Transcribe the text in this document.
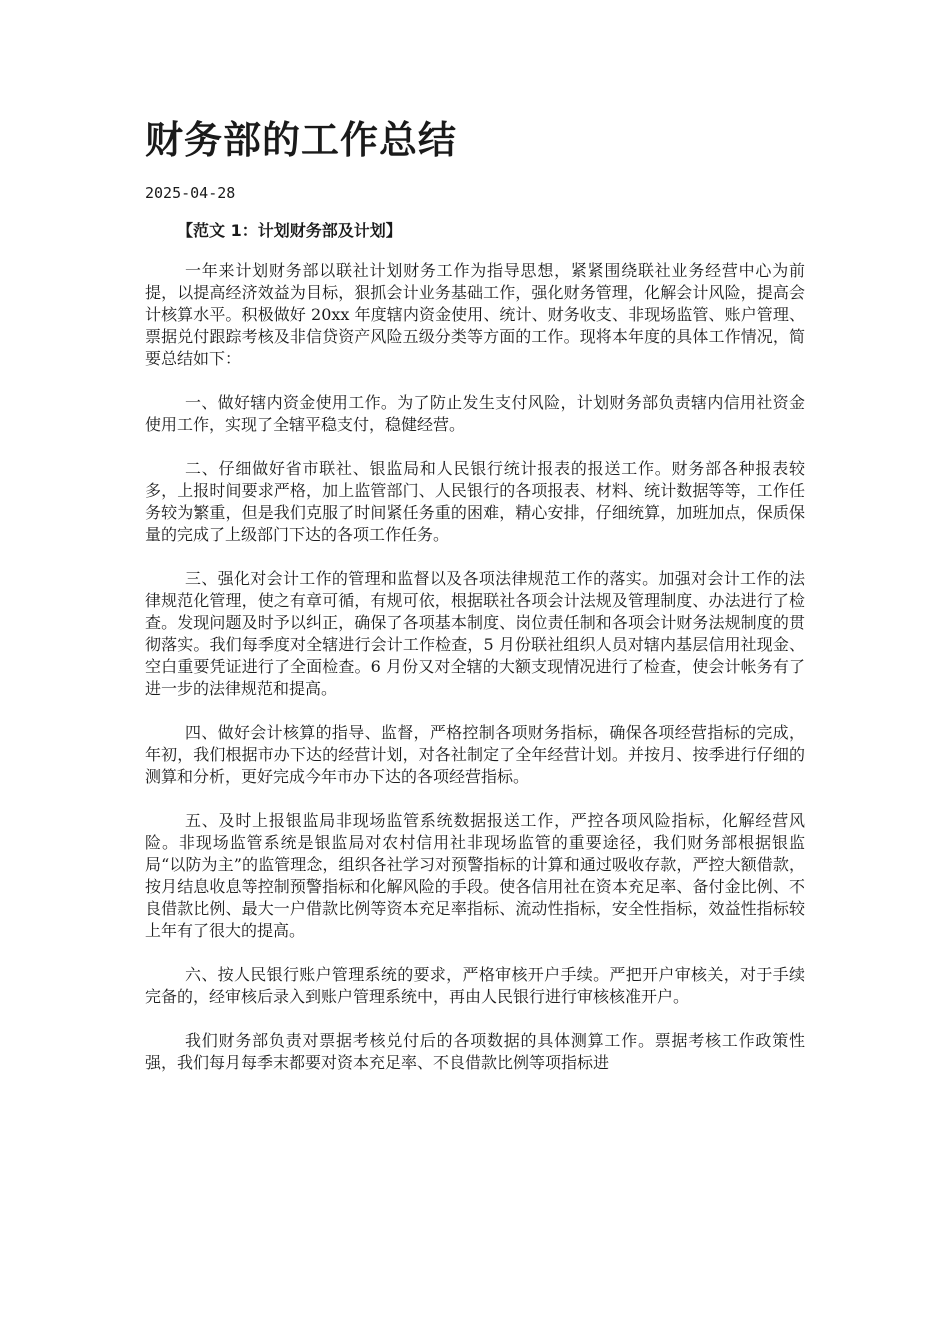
财务部的工作总结
2025-04-28
【范文 1：计划财务部及计划】

一年来计划财务部以联社计划财务工作为指导思想，紧紧围绕联社业务经营中心为前提，以提高经济效益为目标，狠抓会计业务基础工作，强化财务管理，化解会计风险，提高会计核算水平。积极做好 20xx 年度辖内资金使用、统计、财务收支、非现场监管、账户管理、票据兑付跟踪考核及非信贷资产风险五级分类等方面的工作。现将本年度的具体工作情况，简要总结如下：

一、做好辖内资金使用工作。为了防止发生支付风险，计划财务部负责辖内信用社资金使用工作，实现了全辖平稳支付，稳健经营。

二、仔细做好省市联社、银监局和人民银行统计报表的报送工作。财务部各种报表较多，上报时间要求严格，加上监管部门、人民银行的各项报表、材料、统计数据等等，工作任务较为繁重，但是我们克服了时间紧任务重的困难，精心安排，仔细统算，加班加点，保质保量的完成了上级部门下达的各项工作任务。

三、强化对会计工作的管理和监督以及各项法律规范工作的落实。加强对会计工作的法律规范化管理，使之有章可循，有规可依，根据联社各项会计法规及管理制度、办法进行了检查。发现问题及时予以纠正，确保了各项基本制度、岗位责任制和各项会计财务法规制度的贯彻落实。我们每季度对全辖进行会计工作检查，5 月份联社组织人员对辖内基层信用社现金、空白重要凭证进行了全面检查。6 月份又对全辖的大额支现情况进行了检查，使会计帐务有了进一步的法律规范和提高。

四、做好会计核算的指导、监督，严格控制各项财务指标，确保各项经营指标的完成，年初，我们根据市办下达的经营计划，对各社制定了全年经营计划。并按月、按季进行仔细的测算和分析，更好完成今年市办下达的各项经营指标。

五、及时上报银监局非现场监管系统数据报送工作，严控各项风险指标，化解经营风险。非现场监管系统是银监局对农村信用社非现场监管的重要途径，我们财务部根据银监局“以防为主”的监管理念，组织各社学习对预警指标的计算和通过吸收存款，严控大额借款，按月结息收息等控制预警指标和化解风险的手段。使各信用社在资本充足率、备付金比例、不良借款比例、最大一户借款比例等资本充足率指标、流动性指标，安全性指标，效益性指标较上年有了很大的提高。

六、按人民银行账户管理系统的要求，严格审核开户手续。严把开户审核关，对于手续完备的，经审核后录入到账户管理系统中，再由人民银行进行审核核准开户。

我们财务部负责对票据考核兑付后的各项数据的具体测算工作。票据考核工作政策性强，我们每月每季末都要对资本充足率、不良借款比例等项指标进
